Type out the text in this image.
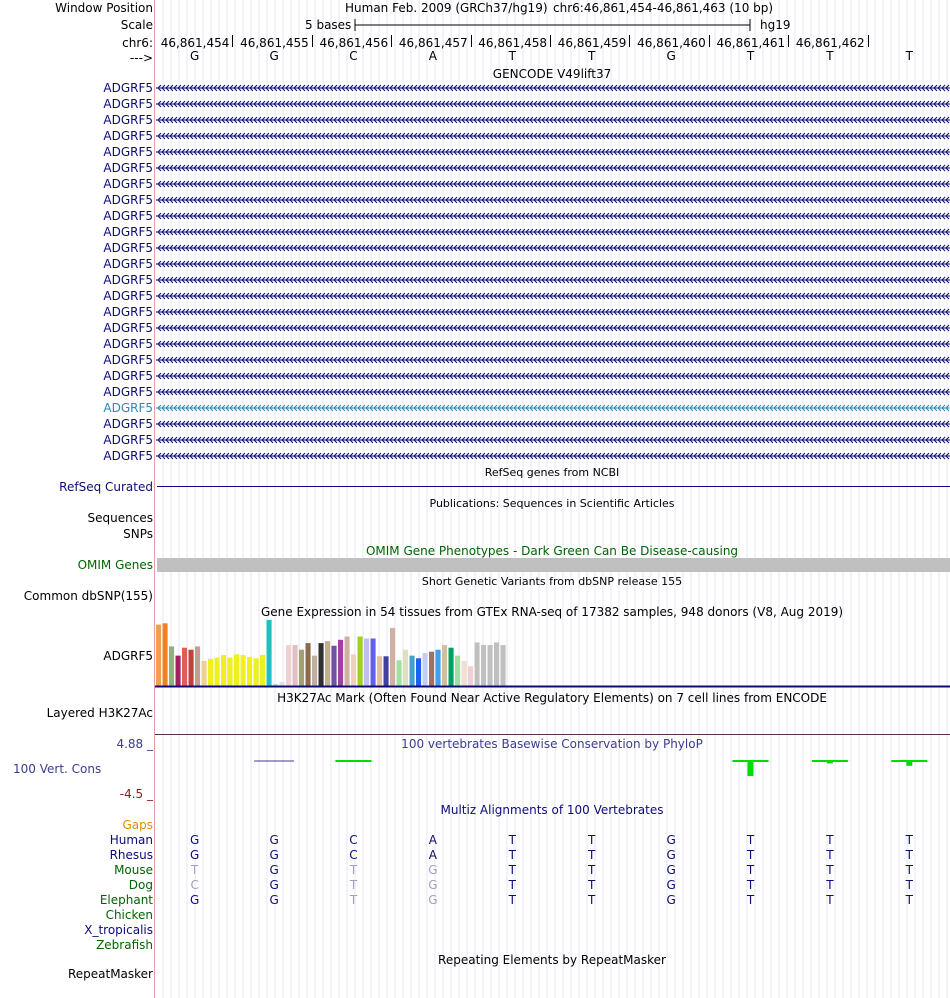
Window Position	Human Feb. 2009 (GRCh37/hg19) chr6:46,861,454-46,861,463 (10 bp)
Scale	5 bases	hg19
chr6: 46,861,454 46,861,455 46,861,456 46,861,457 46,861,458 46,861,459 46,861,460 46,861,461 46,861,462
--->	G	G	C	A	T	T	G	T	T	T
GENCODE V49lift37
ADGRF5
ADGRF5
ADGRF5
ADGRF5
ADGRF5
ADGRF5
ADGRF5
ADGRF5
ADGRF5
ADGRF5
ADGRF5
ADGRF5
ADGRF5
ADGRF5
ADGRF5
ADGRF5
ADGRF5
ADGRF5
ADGRF5
ADGRF5
ADGRF5
ADGRF5
ADGRF5
ADGRF5
RefSeq genes from NCBI
RefSeq Curated
Publications: Sequences in Scientific Articles
Sequences
SNPs
OMIM Gene Phenotypes - Dark Green Can Be Disease-causing
OMIM Genes
Short Genetic Variants from dbSNP release 155
Common dbSNP(155)
Gene Expression in 54 tissues from GTEx RNA-seq of 17382 samples, 948 donors (V8, Aug 2019)
ADGRF5
H3K27Ac Mark (Often Found Near Active Regulatory Elements) on 7 cell lines from ENCODE
Layered H3K27Ac
4.88 _	100 vertebrates Basewise Conservation by PhyloP
100 Vert. Cons
-4.5 _
Multiz Alignments of 100 Vertebrates
Gaps
Human	G	G	C	A	T	T	G	T	T	T
Rhesus	G	G	C	A	T	T	G	T	T	T
Mouse	T	G	T	G	T	T	G	T	T	T
Dog	C	G	T	G	T	T	G	T	T	T
Elephant	G	G	T	G	T	T	G	T	T	T
Chicken
X_tropicalis
Zebrafish
Repeating Elements by RepeatMasker
RepeatMasker
